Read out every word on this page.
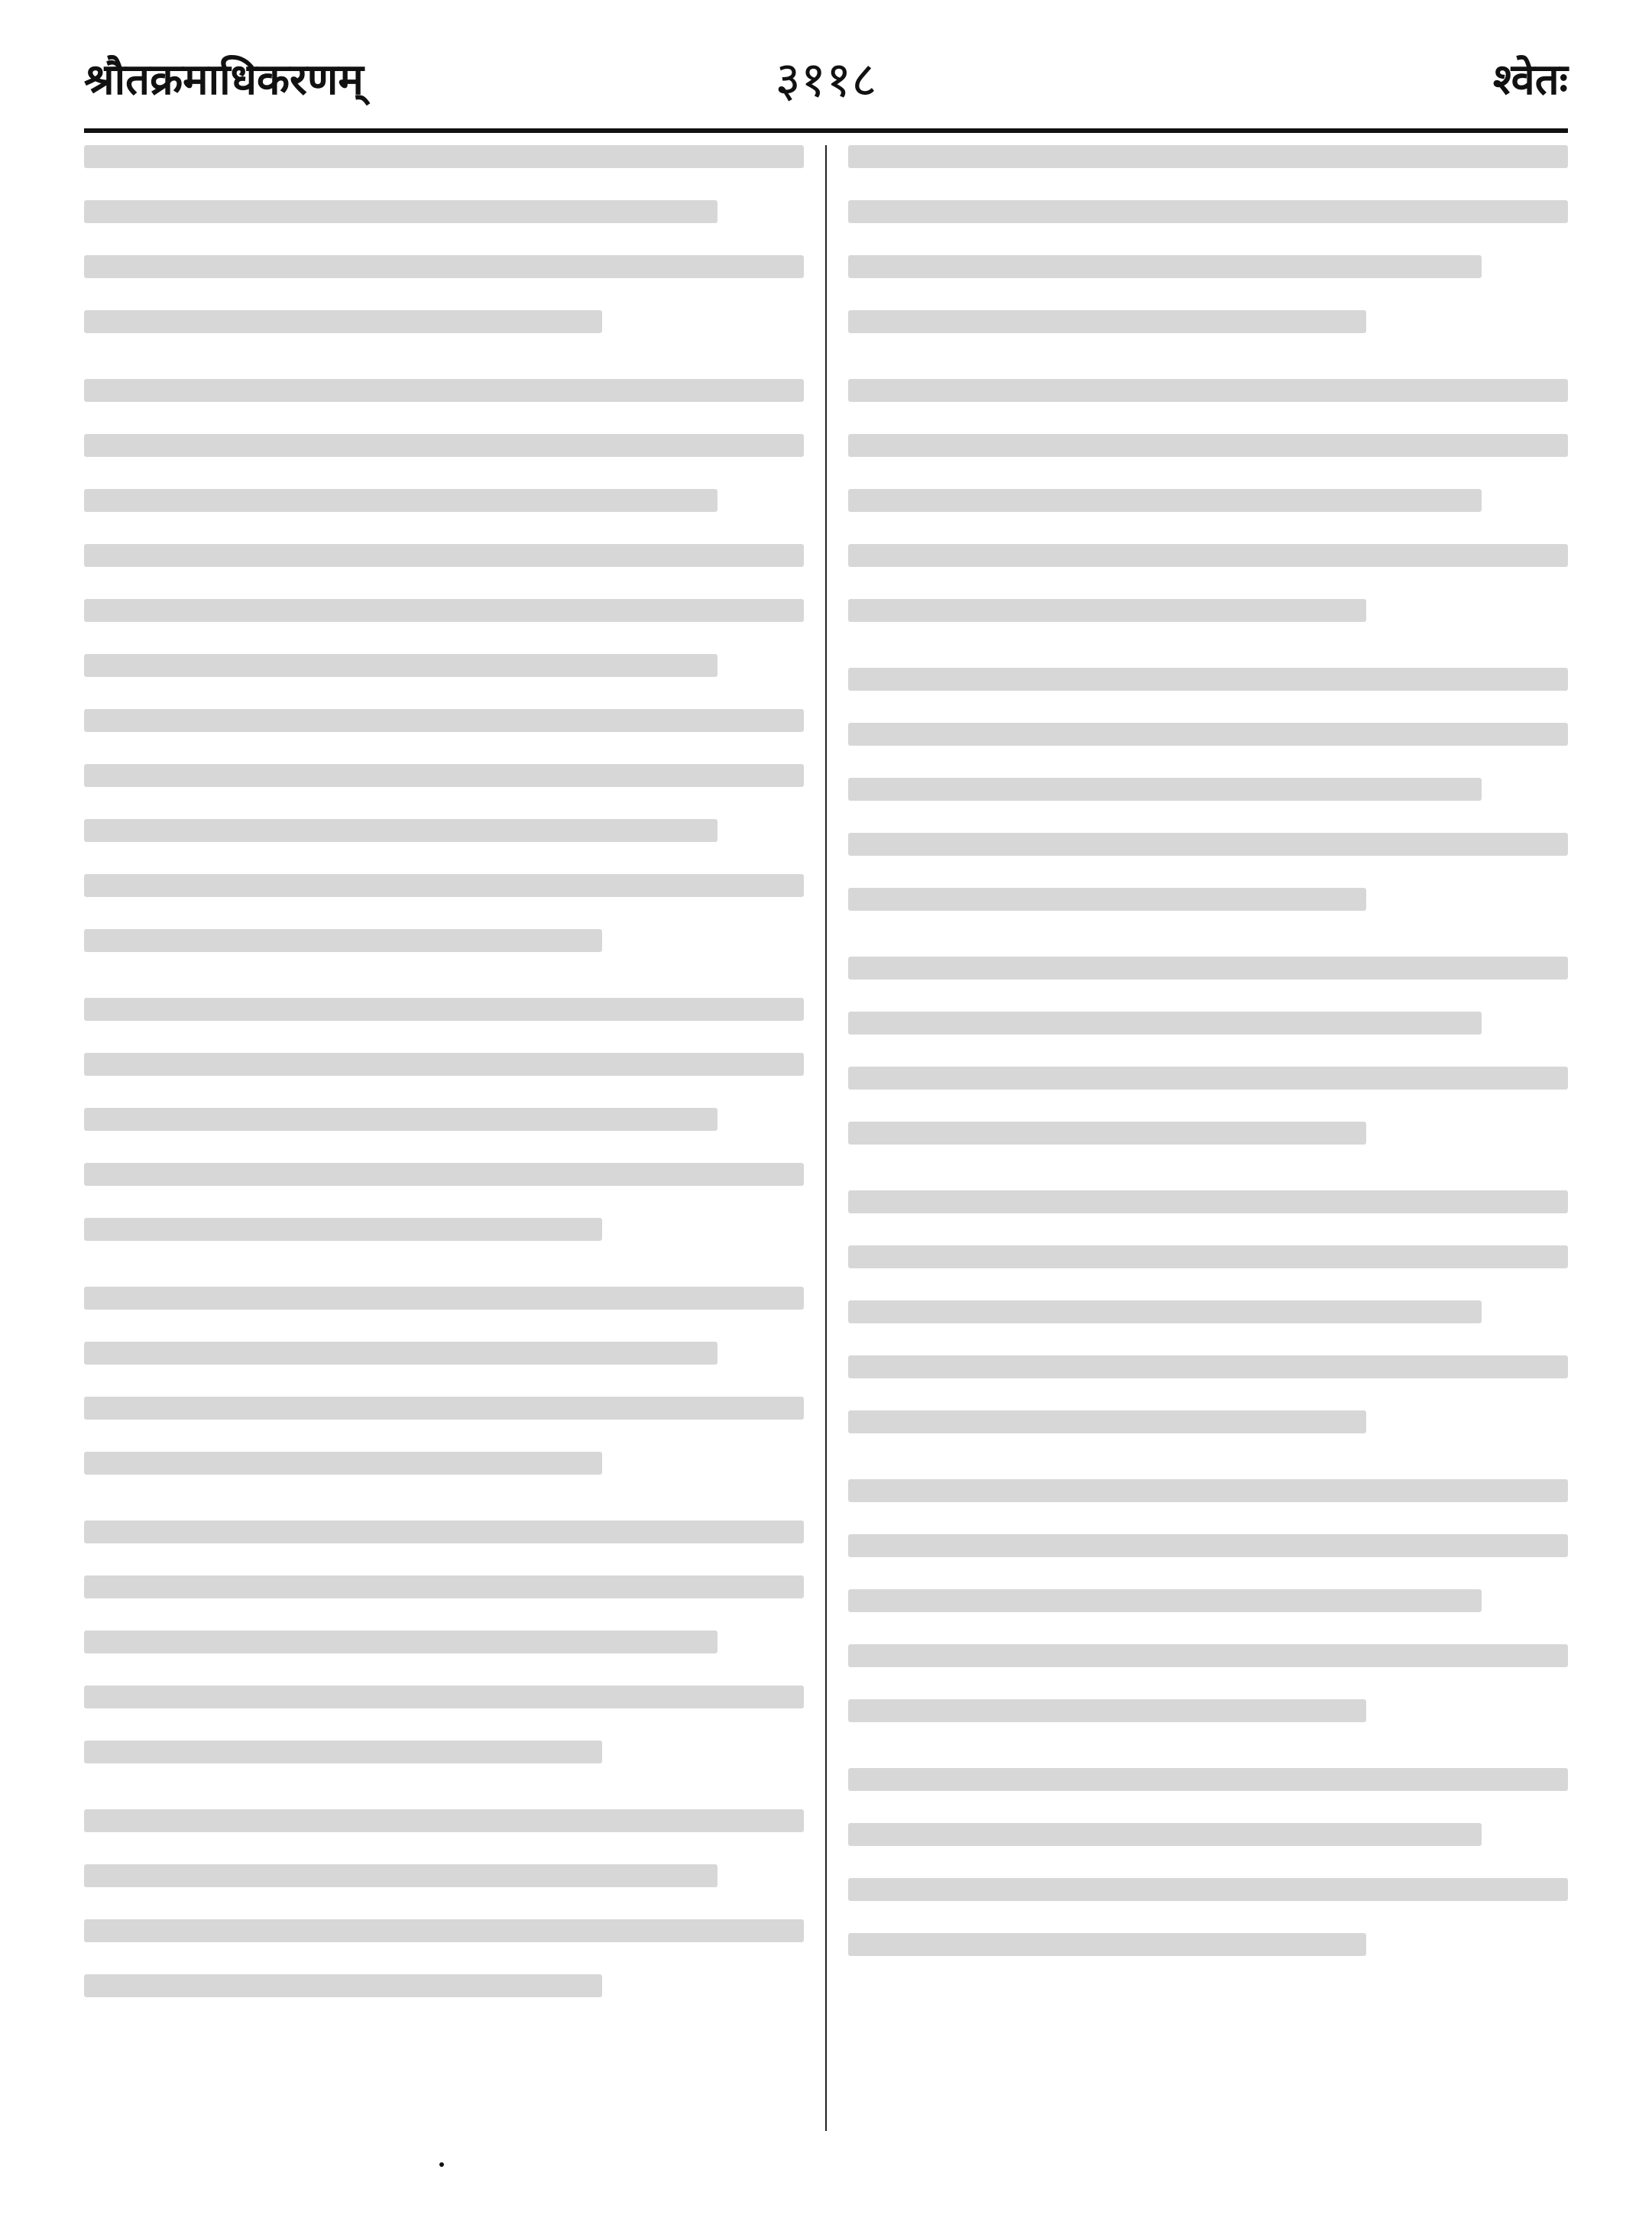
श्रौतक्रमाधिकरणम्	३११८	श्वेतः
